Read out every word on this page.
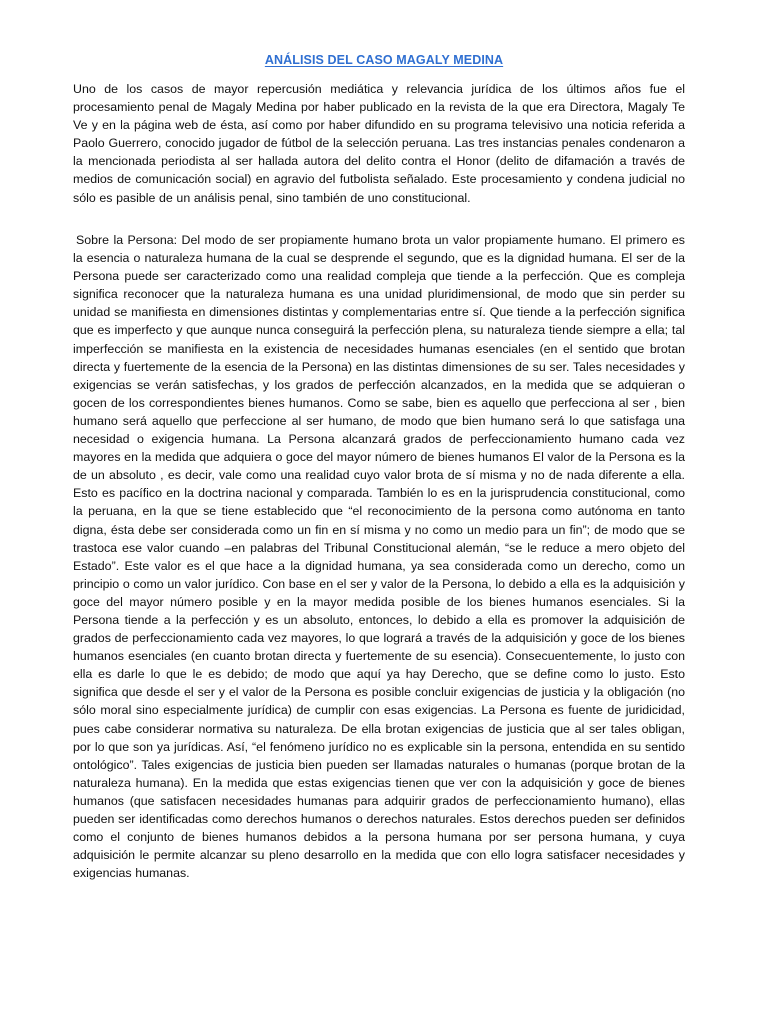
ANÁLISIS DEL CASO MAGALY MEDINA

Uno de los casos de mayor repercusión mediática y relevancia jurídica de los últimos años fue el procesamiento penal de Magaly Medina por haber publicado en la revista de la que era Directora, Magaly Te Ve y en la página web de ésta, así como por haber difundido en su programa televisivo una noticia referida a Paolo Guerrero, conocido jugador de fútbol de la selección peruana. Las tres instancias penales condenaron a la mencionada periodista al ser hallada autora del delito contra el Honor (delito de difamación a través de medios de comunicación social) en agravio del futbolista señalado. Este procesamiento y condena judicial no sólo es pasible de un análisis penal, sino también de uno constitucional.

Sobre la Persona: Del modo de ser propiamente humano brota un valor propiamente humano. El primero es la esencia o naturaleza humana de la cual se desprende el segundo, que es la dignidad humana. El ser de la Persona puede ser caracterizado como una realidad compleja que tiende a la perfección. Que es compleja significa reconocer que la naturaleza humana es una unidad pluridimensional, de modo que sin perder su unidad se manifiesta en dimensiones distintas y complementarias entre sí. Que tiende a la perfección significa que es imperfecto y que aunque nunca conseguirá la perfección plena, su naturaleza tiende siempre a ella; tal imperfección se manifiesta en la existencia de necesidades humanas esenciales (en el sentido que brotan directa y fuertemente de la esencia de la Persona) en las distintas dimensiones de su ser. Tales necesidades y exigencias se verán satisfechas, y los grados de perfección alcanzados, en la medida que se adquieran o gocen de los correspondientes bienes humanos. Como se sabe, bien es aquello que perfecciona al ser , bien humano será aquello que perfeccione al ser humano, de modo que bien humano será lo que satisfaga una necesidad o exigencia humana. La Persona alcanzará grados de perfeccionamiento humano cada vez mayores en la medida que adquiera o goce del mayor número de bienes humanos El valor de la Persona es la de un absoluto , es decir, vale como una realidad cuyo valor brota de sí misma y no de nada diferente a ella. Esto es pacífico en la doctrina nacional y comparada. También lo es en la jurisprudencia constitucional, como la peruana, en la que se tiene establecido que “el reconocimiento de la persona como autónoma en tanto digna, ésta debe ser considerada como un fin en sí misma y no como un medio para un fin”; de modo que se trastoca ese valor cuando –en palabras del Tribunal Constitucional alemán, “se le reduce a mero objeto del Estado”. Este valor es el que hace a la dignidad humana, ya sea considerada como un derecho, como un principio o como un valor jurídico. Con base en el ser y valor de la Persona, lo debido a ella es la adquisición y goce del mayor número posible y en la mayor medida posible de los bienes humanos esenciales. Si la Persona tiende a la perfección y es un absoluto, entonces, lo debido a ella es promover la adquisición de grados de perfeccionamiento cada vez mayores, lo que logrará a través de la adquisición y goce de los bienes humanos esenciales (en cuanto brotan directa y fuertemente de su esencia). Consecuentemente, lo justo con ella es darle lo que le es debido; de modo que aquí ya hay Derecho, que se define como lo justo. Esto significa que desde el ser y el valor de la Persona es posible concluir exigencias de justicia y la obligación (no sólo moral sino especialmente jurídica) de cumplir con esas exigencias. La Persona es fuente de juridicidad, pues cabe considerar normativa su naturaleza. De ella brotan exigencias de justicia que al ser tales obligan, por lo que son ya jurídicas. Así, “el fenómeno jurídico no es explicable sin la persona, entendida en su sentido ontológico”. Tales exigencias de justicia bien pueden ser llamadas naturales o humanas (porque brotan de la naturaleza humana). En la medida que estas exigencias tienen que ver con la adquisición y goce de bienes humanos (que satisfacen necesidades humanas para adquirir grados de perfeccionamiento humano), ellas pueden ser identificadas como derechos humanos o derechos naturales. Estos derechos pueden ser definidos como el conjunto de bienes humanos debidos a la persona humana por ser persona humana, y cuya adquisición le permite alcanzar su pleno desarrollo en la medida que con ello logra satisfacer necesidades y exigencias humanas.
